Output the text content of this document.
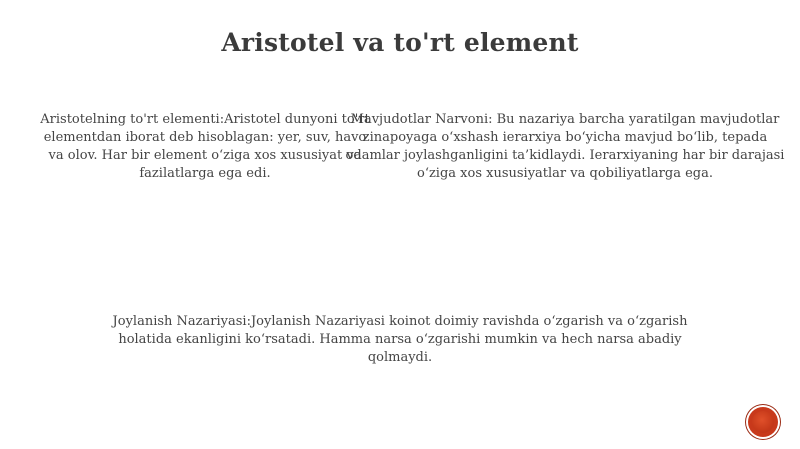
Aristotel va to'rt element

Aristotelning to'rt elementi:Aristotel dunyoni to'rt elementdan iborat deb hisoblagan: yer, suv, havo va olov. Har bir element o‘ziga xos xususiyat va fazilatlarga ega edi.

Mavjudotlar Narvoni: Bu nazariya barcha yaratilgan mavjudotlar zinapoyaga o‘xshash ierarxiya bo‘yicha mavjud bo‘lib, tepada odamlar joylashganligini ta’kidlaydi. Ierarxiyaning har bir darajasi o‘ziga xos xususiyatlar va qobiliyatlarga ega.

Joylanish Nazariyasi:Joylanish Nazariyasi koinot doimiy ravishda o‘zgarish va o‘zgarish holatida ekanligini ko‘rsatadi. Hamma narsa o‘zgarishi mumkin va hech narsa abadiy qolmaydi.
